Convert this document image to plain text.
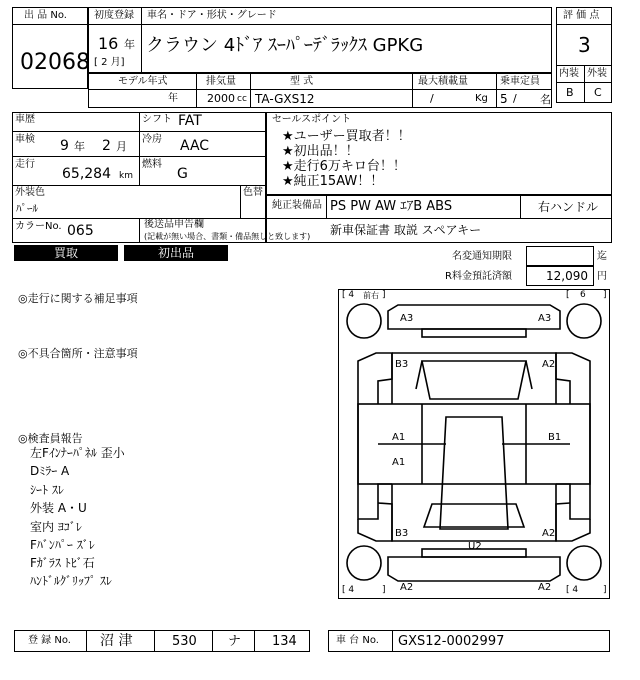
出 品 No.
02068
初度登録 車名・ドア・形状・グレード
16 年
[ 2 月]
クラウン 4ﾄﾞｱ ｽｰﾊﾟｰﾃﾞﾗｯｸｽ GPKG
評 価 点
3
内装 外装
B C
モデル年式	排気量	型 式	最大積載量	乗車定員
年	2000 cc TA-GXS12	/	Kg 5 / 名
車歴	シフト FAT
車検 9 年 2 月
冷房 AAC
走行
65,284 km
燃料
G
外装色
ﾊﾟｰﾙ
色替
カラーNo. 065	後送品申告欄
(記載が無い場合、書類・備品無しと致します)
セールスポイント
★ユーザー買取者！！
★初出品！！
★走行6万キロ台！！
★純正15AW！！
純正装備品 PS PW AW ｴｱB ABS	右ハンドル
新車保証書 取説 スペアキー
買取	初出品	名変通知期限	迄
R料金預託済額	12,090 円
◎走行に関する補足事項
◎不具合箇所・注意事項
◎検査員報告
左Fｲﾝﾅｰﾊﾟﾈﾙ 歪小
Dﾐﾗｰ A
ｼｰﾄ ｽﾚ
外装 A・U
室内 ﾖｺﾞﾚ
Fﾊﾞﾝﾊﾟｰ ｽﾞﾚ
Fｶﾞﾗｽ ﾄﾋﾞ石
ﾊﾝﾄﾞﾙｸﾞﾘｯﾌﾟ ｽﾚ
[ 4 前右 ]	[ 6 ]
[ 4	]	[ 4	]
A3	A3
B3	A2
A1
A1
B1
B3
U2
A2
A2	A2
登 録 No. 沼 津	530 ナ 134	車 台 No. GXS12-0002997
